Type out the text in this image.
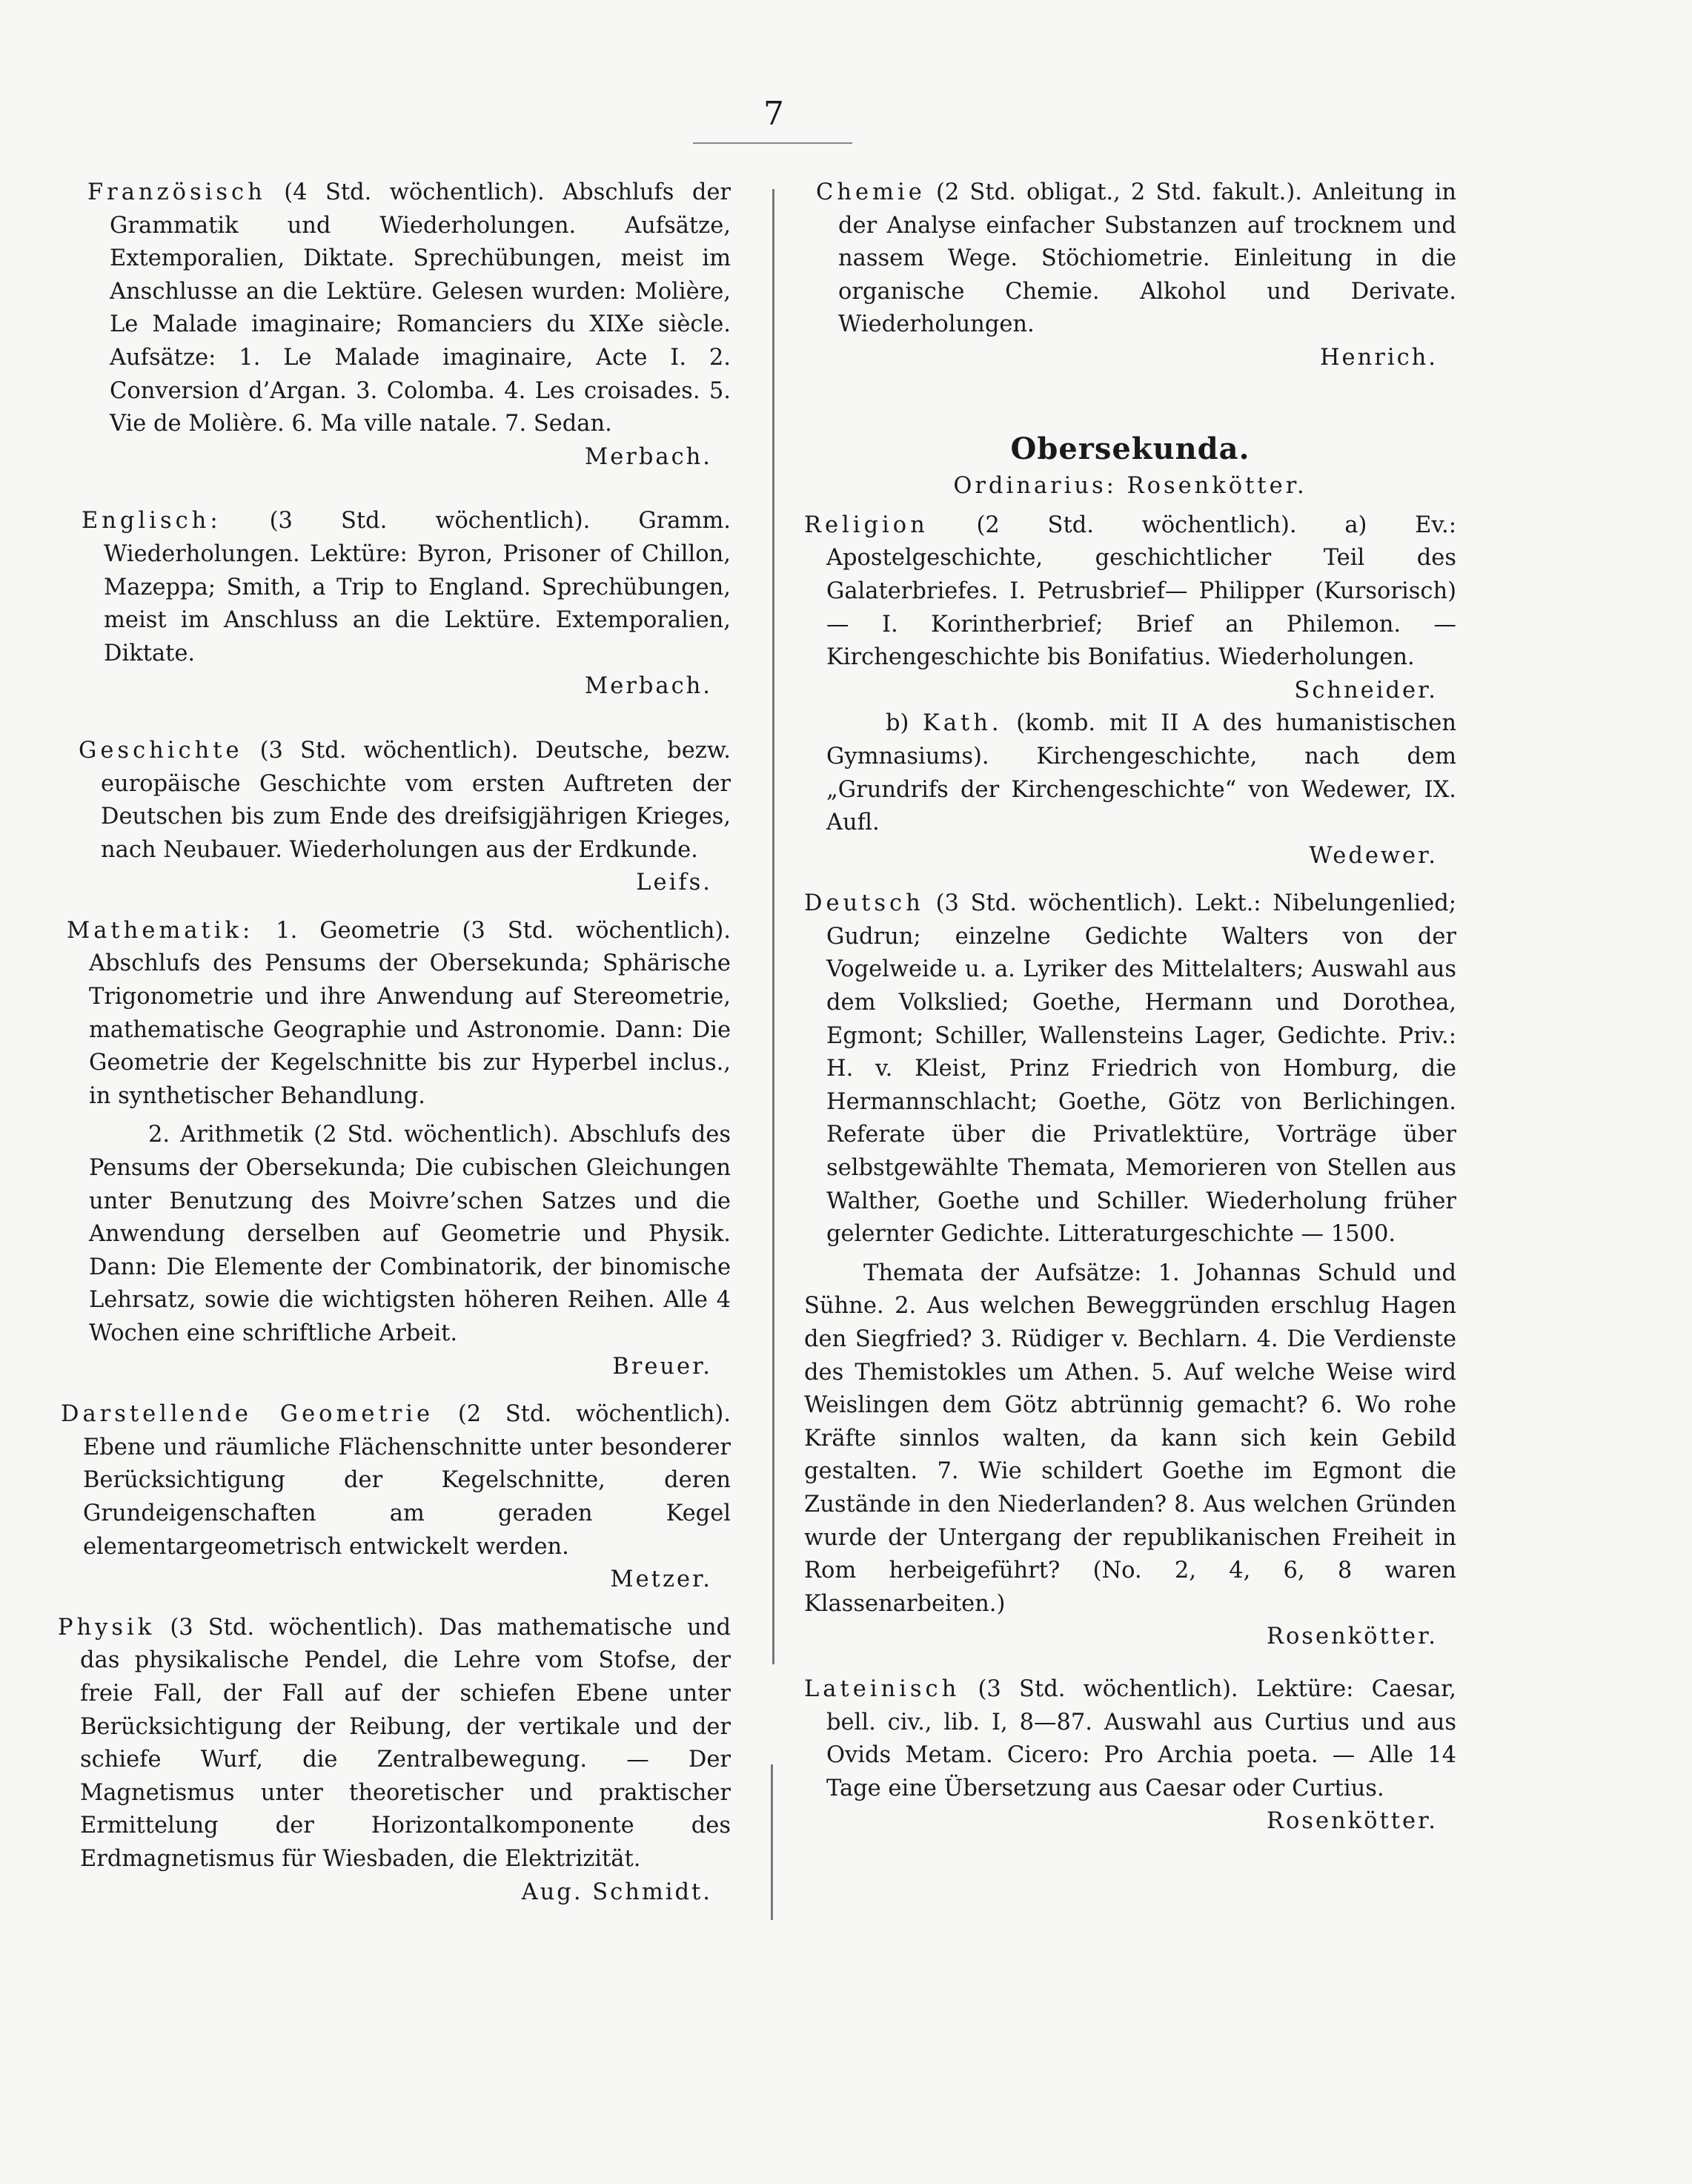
7

Französisch (4 Std. wöchentlich). Abschlufs der Grammatik und Wiederholungen. Aufsätze, Extemporalien, Diktate. Sprechübungen, meist im Anschlusse an die Lektüre. Gelesen wurden: Molière, Le Malade imaginaire; Romanciers du XIXe siècle. Aufsätze: 1. Le Malade imaginaire, Acte I. 2. Conversion d’Argan. 3. Colomba. 4. Les croisades. 5. Vie de Molière. 6. Ma ville natale. 7. Sedan.

Merbach.

Englisch: (3 Std. wöchentlich). Gramm. Wiederholungen. Lektüre: Byron, Prisoner of Chillon, Mazeppa; Smith, a Trip to England. Sprechübungen, meist im Anschluss an die Lektüre. Extemporalien, Diktate.

Merbach.

Geschichte (3 Std. wöchentlich). Deutsche, bezw. europäische Geschichte vom ersten Auftreten der Deutschen bis zum Ende des dreifsigjährigen Krieges, nach Neubauer. Wiederholungen aus der Erdkunde.

Leifs.

Mathematik: 1. Geometrie (3 Std. wöchentlich). Abschlufs des Pensums der Obersekunda; Sphärische Trigonometrie und ihre Anwendung auf Stereometrie, mathematische Geographie und Astronomie. Dann: Die Geometrie der Kegelschnitte bis zur Hyperbel inclus., in synthetischer Behandlung.

2. Arithmetik (2 Std. wöchentlich). Abschlufs des Pensums der Obersekunda; Die cubischen Gleichungen unter Benutzung des Moivre’schen Satzes und die Anwendung derselben auf Geometrie und Physik. Dann: Die Elemente der Combinatorik, der binomische Lehrsatz, sowie die wichtigsten höheren Reihen. Alle 4 Wochen eine schriftliche Arbeit.

Breuer.

Darstellende Geometrie (2 Std. wöchentlich). Ebene und räumliche Flächenschnitte unter besonderer Berücksichtigung der Kegelschnitte, deren Grundeigenschaften am geraden Kegel elementargeometrisch entwickelt werden.

Metzer.

Physik (3 Std. wöchentlich). Das mathematische und das physikalische Pendel, die Lehre vom Stofse, der freie Fall, der Fall auf der schiefen Ebene unter Berücksichtigung der Reibung, der vertikale und der schiefe Wurf, die Zentralbewegung. — Der Magnetismus unter theoretischer und praktischer Ermittelung der Horizontalkomponente des Erdmagnetismus für Wiesbaden, die Elektrizität.

Aug. Schmidt.

Chemie (2 Std. obligat., 2 Std. fakult.). Anleitung in der Analyse einfacher Substanzen auf trocknem und nassem Wege. Stöchiometrie. Einleitung in die organische Chemie. Alkohol und Derivate. Wiederholungen.

Henrich.
Obersekunda.
Ordinarius: Rosenkötter.

Religion (2 Std. wöchentlich). a) Ev.: Apostelgeschichte, geschichtlicher Teil des Galaterbriefes. I. Petrusbrief— Philipper (Kursorisch) — I. Korintherbrief; Brief an Philemon. — Kirchengeschichte bis Bonifatius. Wiederholungen.

Schneider.

b) Kath. (komb. mit II A des humanistischen Gymnasiums). Kirchengeschichte, nach dem „Grundrifs der Kirchengeschichte“ von Wedewer, IX. Aufl.

Wedewer.

Deutsch (3 Std. wöchentlich). Lekt.: Nibelungenlied; Gudrun; einzelne Gedichte Walters von der Vogelweide u. a. Lyriker des Mittelalters; Auswahl aus dem Volkslied; Goethe, Hermann und Dorothea, Egmont; Schiller, Wallensteins Lager, Gedichte. Priv.: H. v. Kleist, Prinz Friedrich von Homburg, die Hermannschlacht; Goethe, Götz von Berlichingen. Referate über die Privatlektüre, Vorträge über selbstgewählte Themata, Memorieren von Stellen aus Walther, Goethe und Schiller. Wiederholung früher gelernter Gedichte. Litteraturgeschichte — 1500.

Themata der Aufsätze: 1. Johannas Schuld und Sühne. 2. Aus welchen Beweggründen erschlug Hagen den Siegfried? 3. Rüdiger v. Bechlarn. 4. Die Verdienste des Themistokles um Athen. 5. Auf welche Weise wird Weislingen dem Götz abtrünnig gemacht? 6. Wo rohe Kräfte sinnlos walten, da kann sich kein Gebild gestalten. 7. Wie schildert Goethe im Egmont die Zustände in den Niederlanden? 8. Aus welchen Gründen wurde der Untergang der republikanischen Freiheit in Rom herbeigeführt? (No. 2, 4, 6, 8 waren Klassenarbeiten.)

Rosenkötter.

Lateinisch (3 Std. wöchentlich). Lektüre: Caesar, bell. civ., lib. I, 8—87. Auswahl aus Curtius und aus Ovids Metam. Cicero: Pro Archia poeta. — Alle 14 Tage eine Übersetzung aus Caesar oder Curtius.

Rosenkötter.
